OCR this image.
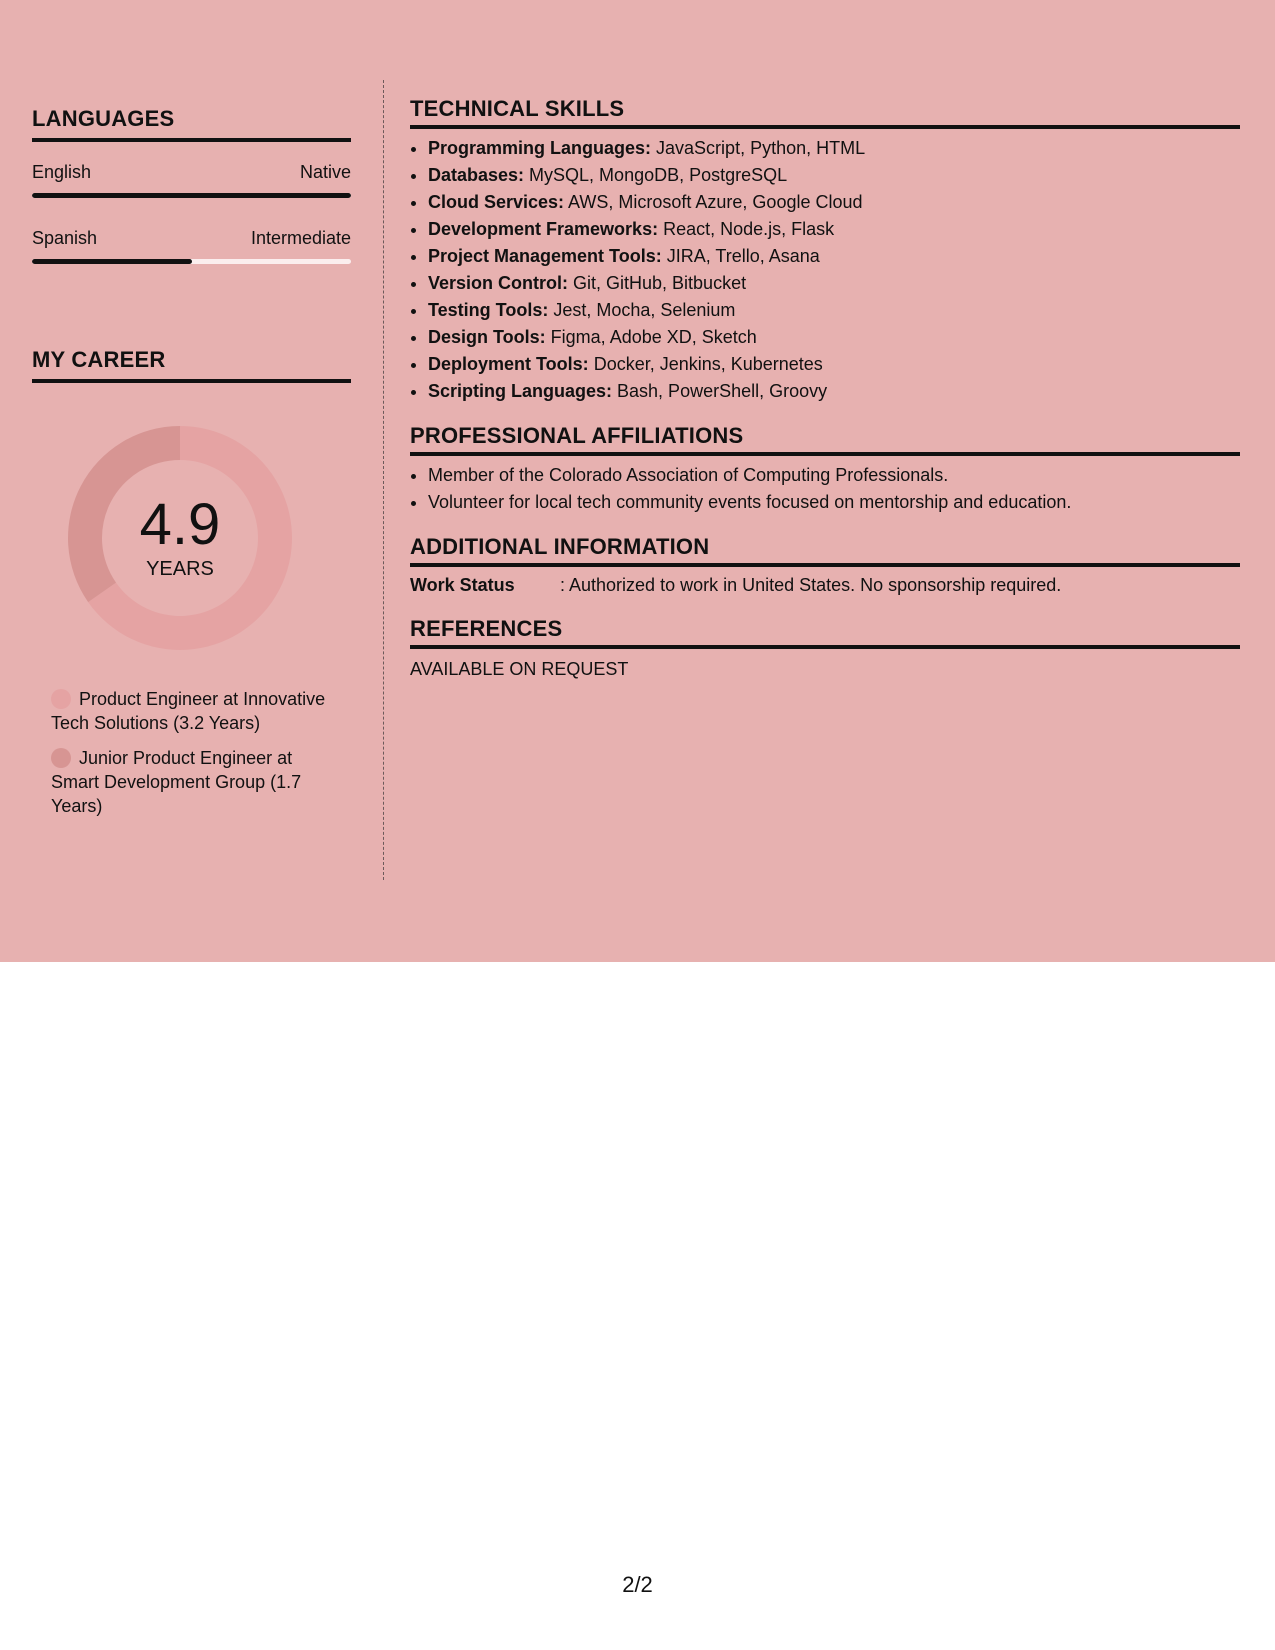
LANGUAGES
English	Native
Spanish	Intermediate
MY CAREER
4.9
YEARS
Product Engineer at Innovative Tech Solutions (3.2 Years)
Junior Product Engineer at Smart Development Group (1.7 Years)
TECHNICAL SKILLS
• Programming Languages: JavaScript, Python, HTML
• Databases: MySQL, MongoDB, PostgreSQL
• Cloud Services: AWS, Microsoft Azure, Google Cloud
• Development Frameworks: React, Node.js, Flask
• Project Management Tools: JIRA, Trello, Asana
• Version Control: Git, GitHub, Bitbucket
• Testing Tools: Jest, Mocha, Selenium
• Design Tools: Figma, Adobe XD, Sketch
• Deployment Tools: Docker, Jenkins, Kubernetes
• Scripting Languages: Bash, PowerShell, Groovy
PROFESSIONAL AFFILIATIONS
• Member of the Colorado Association of Computing Professionals.
• Volunteer for local tech community events focused on mentorship and education.
ADDITIONAL INFORMATION
Work Status	: Authorized to work in United States. No sponsorship required.
REFERENCES
AVAILABLE ON REQUEST
2/2
